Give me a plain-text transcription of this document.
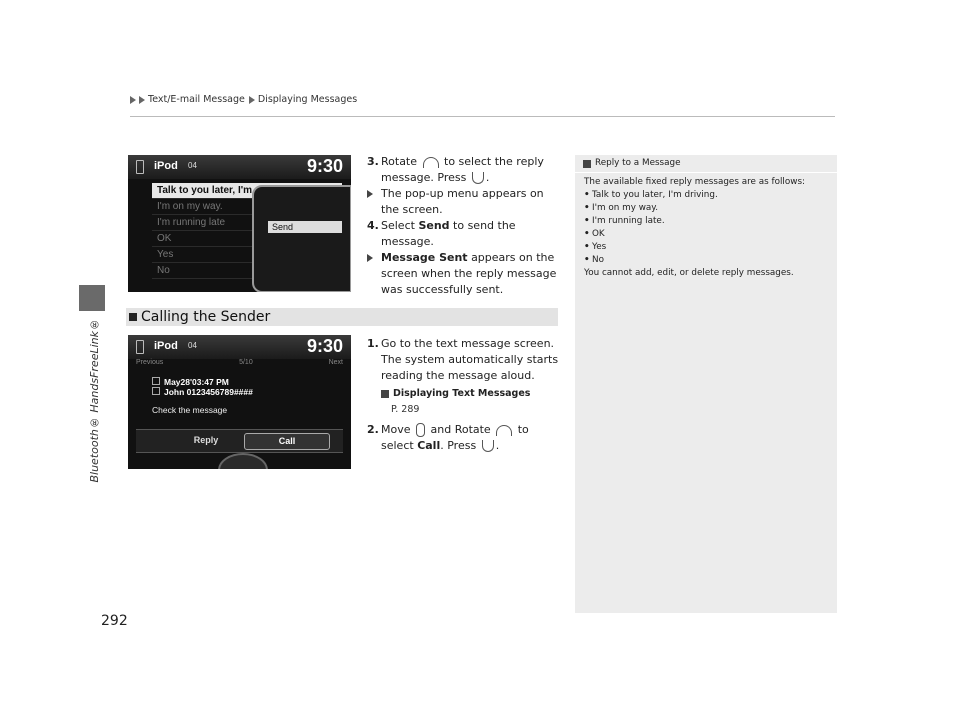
Text/E-mail Message Displaying Messages
Bluetooth® HandsFreeLink®
292
iPod 04	9:30
Talk to you later, I'm
I'm on my way.
I'm running late
OK
Yes
No
Send
3. Rotate to select the reply message. Press .
The pop-up menu appears on the screen.
4. Select Send to send the message.
Message Sent appears on the screen when the reply message was successfully sent.
Calling the Sender
iPod 04	9:30
Previous	5/10	Next
May28'03:47 PM
John 0123456789####
Check the message
Reply	Call
1. Go to the text message screen. The system automatically starts reading the message aloud.
Displaying Text Messages
P. 289
2. Move and Rotate to select Call. Press .
Reply to a Message
The available fixed reply messages are as follows:
• Talk to you later, I'm driving.
• I'm on my way.
• I'm running late.
• OK
• Yes
• No
You cannot add, edit, or delete reply messages.
